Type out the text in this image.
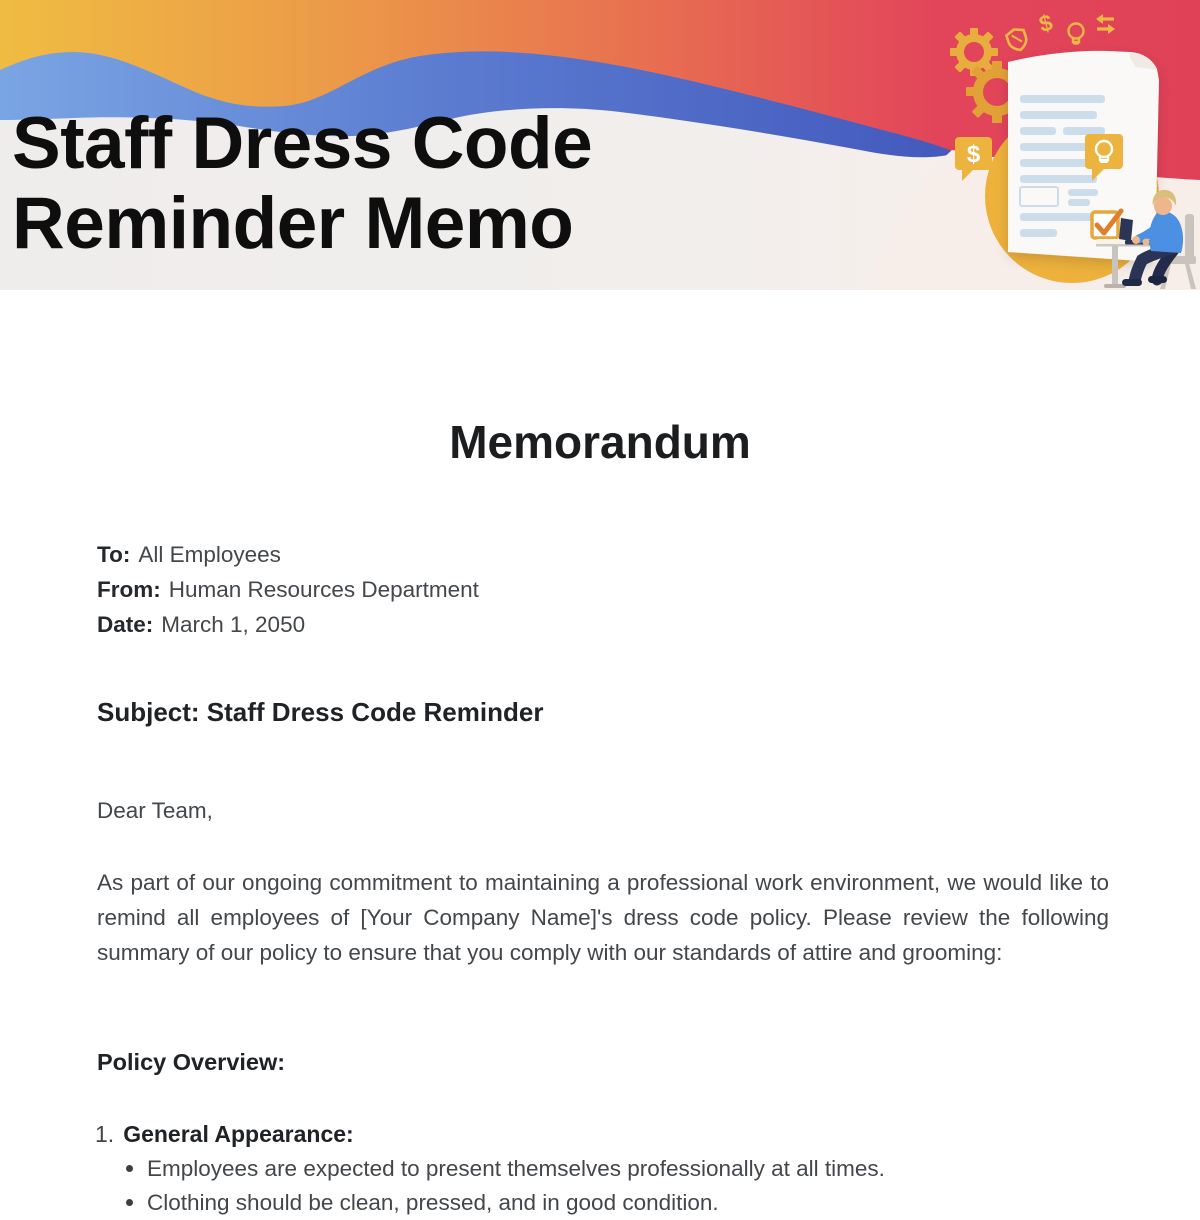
$
$
Staff Dress Code
Reminder Memo
Memorandum
To: All Employees
From: Human Resources Department
Date: March 1, 2050
Subject: Staff Dress Code Reminder
Dear Team,

As part of our ongoing commitment to maintaining a professional work environment, we would like to remind all employees of [Your Company Name]'s dress code policy. Please review the following summary of our policy to ensure that you comply with our standards of attire and grooming:

Policy Overview:
1. General Appearance:
Employees are expected to present themselves professionally at all times.
Clothing should be clean, pressed, and in good condition.
